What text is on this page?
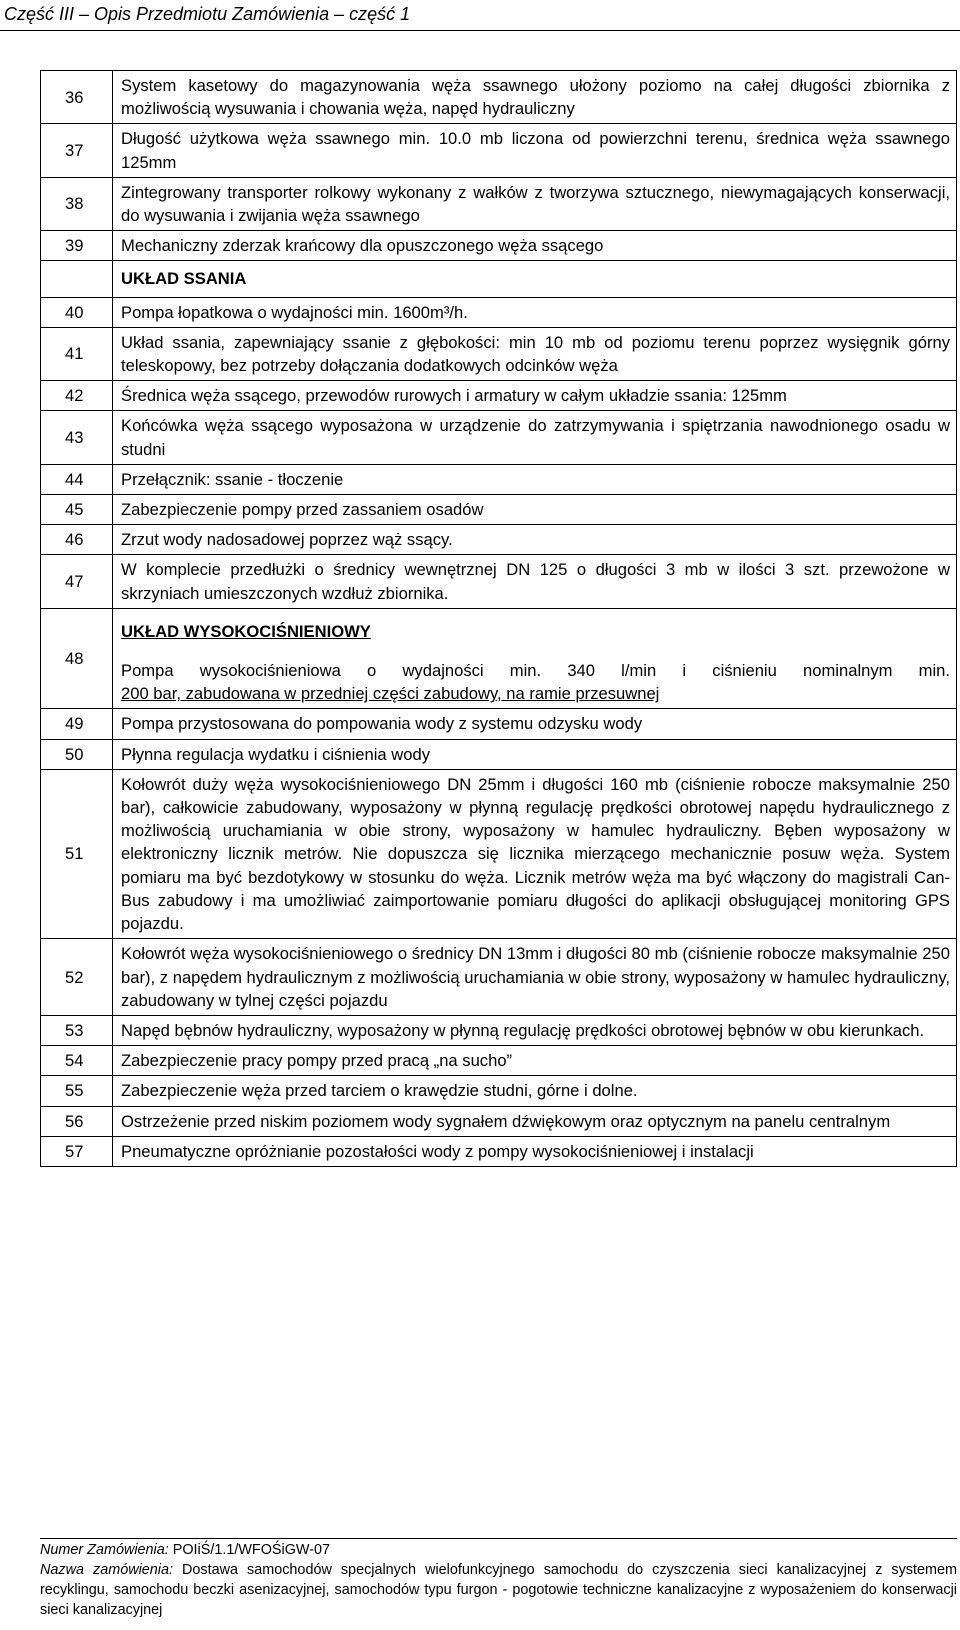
Część III – Opis Przedmiotu Zamówienia – część 1
36	System kasetowy do magazynowania węża ssawnego ułożony poziomo na całej długości zbiornika z możliwością wysuwania i chowania węża, napęd hydrauliczny
37	Długość użytkowa węża ssawnego min. 10.0 mb liczona od powierzchni terenu, średnica węża ssawnego 125mm
38	Zintegrowany transporter rolkowy wykonany z wałków z tworzywa sztucznego, niewymagających konserwacji, do wysuwania i zwijania węża ssawnego
39	Mechaniczny zderzak krańcowy dla opuszczonego węża ssącego
	UKŁAD SSANIA
40	Pompa łopatkowa o wydajności min. 1600m³/h.
41	Układ ssania, zapewniający ssanie z głębokości: min 10 mb od poziomu terenu poprzez wysięgnik górny teleskopowy, bez potrzeby dołączania dodatkowych odcinków węża
42	Średnica węża ssącego, przewodów rurowych i armatury w całym układzie ssania: 125mm
43	Końcówka węża ssącego wyposażona w urządzenie do zatrzymywania i spiętrzania nawodnionego osadu w studni
44	Przełącznik: ssanie - tłoczenie
45	Zabezpieczenie pompy przed zassaniem osadów
46	Zrzut wody nadosadowej poprzez wąż ssący.
47	W komplecie przedłużki o średnicy wewnętrznej DN 125 o długości 3 mb w ilości 3 szt. przewożone w skrzyniach umieszczonych wzdłuż zbiornika.
48	UKŁAD WYSOKOCIŚNIENIOWY
Pompa wysokociśnieniowa o wydajności min. 340 l/min i ciśnieniu nominalnym min.
200 bar, zabudowana w przedniej części zabudowy, na ramie przesuwnej

49	Pompa przystosowana do pompowania wody z systemu odzysku wody
50	Płynna regulacja wydatku i ciśnienia wody
51	Kołowrót duży węża wysokociśnieniowego DN 25mm i długości 160 mb (ciśnienie robocze maksymalnie 250 bar), całkowicie zabudowany, wyposażony w płynną regulację prędkości obrotowej napędu hydraulicznego z możliwością uruchamiania w obie strony, wyposażony w hamulec hydrauliczny. Bęben wyposażony w elektroniczny licznik metrów. Nie dopuszcza się licznika mierzącego mechanicznie posuw węża. System pomiaru ma być bezdotykowy w stosunku do węża. Licznik metrów węża ma być włączony do magistrali Can-Bus zabudowy i ma umożliwiać zaimportowanie pomiaru długości do aplikacji obsługującej monitoring GPS pojazdu.
52	Kołowrót węża wysokociśnieniowego o średnicy DN 13mm i długości 80 mb (ciśnienie robocze maksymalnie 250 bar), z napędem hydraulicznym z możliwością uruchamiania w obie strony, wyposażony w hamulec hydrauliczny, zabudowany w tylnej części pojazdu
53	Napęd bębnów hydrauliczny, wyposażony w płynną regulację prędkości obrotowej bębnów w obu kierunkach.
54	Zabezpieczenie pracy pompy przed pracą „na sucho”
55	Zabezpieczenie węża przed tarciem o krawędzie studni, górne i dolne.
56	Ostrzeżenie przed niskim poziomem wody sygnałem dźwiękowym oraz optycznym na panelu centralnym
57	Pneumatyczne opróżnianie pozostałości wody z pompy wysokociśnieniowej i instalacji
Numer Zamówienia: POIiŚ/1.1/WFOŚiGW-07
Nazwa zamówienia: Dostawa samochodów specjalnych wielofunkcyjnego samochodu do czyszczenia sieci kanalizacyjnej z systemem recyklingu, samochodu beczki asenizacyjnej, samochodów typu furgon - pogotowie techniczne kanalizacyjne z wyposażeniem do konserwacji sieci kanalizacyjnej
